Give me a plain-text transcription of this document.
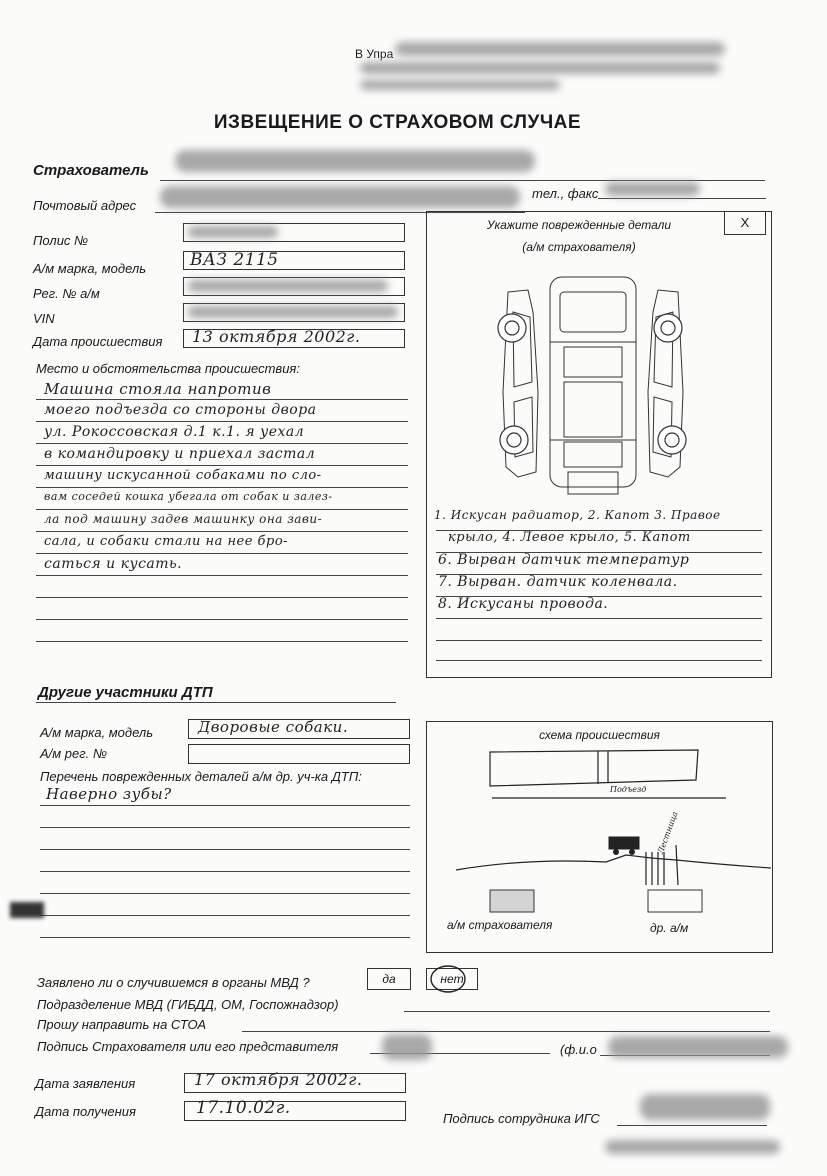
В Упра
ИЗВЕЩЕНИЕ О СТРАХОВОМ СЛУЧАЕ
Страхователь
Почтовый адрес
тел., факс
Полис №
А/м марка, модель	ВАЗ 2115
Рег. № а/м
VIN
Дата происшествия 13 октября 2002г.
Место и обстоятельства происшествия:
Машина стояла напротив
моего подъезда со стороны двора
ул. Рокоссовская д.1 к.1. я уехал
в командировку и приехал застал
машину искусанной собаками по сло-
вам соседей кошка убегала от собак и залез-
ла под машину задев машинку она зави-
сала, и собаки стали на нее бро-
саться и кусать.
Укажите поврежденные детали
(а/м страхователя)
X
1. Искусан радиатор, 2. Капот 3. Правое
крыло, 4. Левое крыло, 5. Капот
6. Вырван датчик температур
7. Вырван. датчик коленвала.
8. Искусаны провода.
Другие участники ДТП
А/м марка, модель	Дворовые собаки.
А/м рег. №
Перечень поврежденных деталей а/м др. уч-ка ДТП:
Наверно зубы?
схема происшествия
Подъезд
Лестница
а/м страхователя	др. а/м
Заявлено ли о случившемся в органы МВД ?	да	нет
Подразделение МВД (ГИБДД, ОМ, Госпожнадзор)
Прошу направить на СТОА
Подпись Страхователя или его представителя	(ф.и.о
Дата заявления	17 октября 2002г.
Дата получения	17.10.02г.
Подпись сотрудника ИГС
